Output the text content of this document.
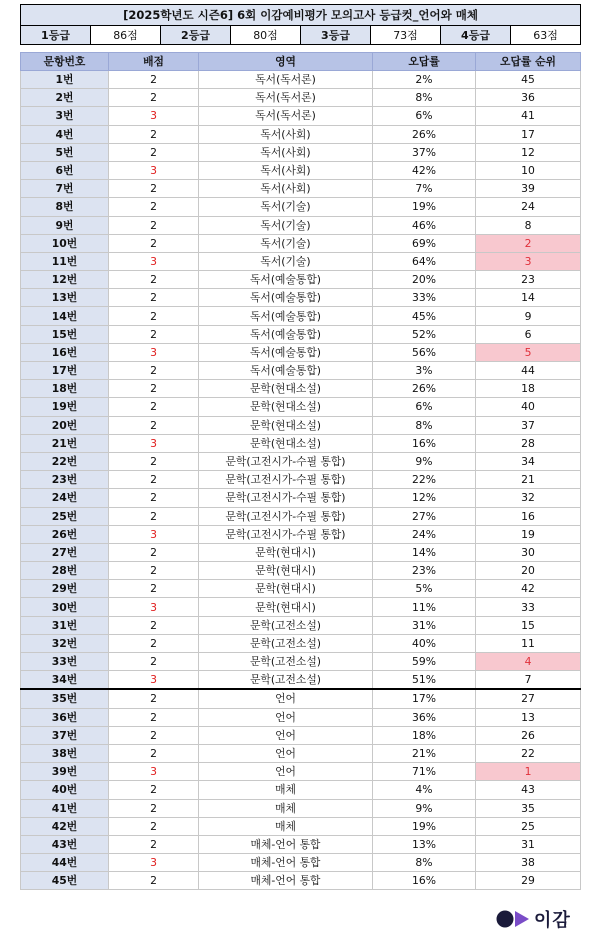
[2025학년도 시즌6] 6회 이감예비평가 모의고사 등급컷_언어와 매체
1등급	86점	2등급	80점	3등급	73점	4등급	63점
문항번호	배점	영역	오답률	오답률 순위
1번	2	독서(독서론)	2%	45
2번	2	독서(독서론)	8%	36
3번	3	독서(독서론)	6%	41
4번	2	독서(사회)	26%	17
5번	2	독서(사회)	37%	12
6번	3	독서(사회)	42%	10
7번	2	독서(사회)	7%	39
8번	2	독서(기술)	19%	24
9번	2	독서(기술)	46%	8
10번	2	독서(기술)	69%	2
11번	3	독서(기술)	64%	3
12번	2	독서(예술통합)	20%	23
13번	2	독서(예술통합)	33%	14
14번	2	독서(예술통합)	45%	9
15번	2	독서(예술통합)	52%	6
16번	3	독서(예술통합)	56%	5
17번	2	독서(예술통합)	3%	44
18번	2	문학(현대소설)	26%	18
19번	2	문학(현대소설)	6%	40
20번	2	문학(현대소설)	8%	37
21번	3	문학(현대소설)	16%	28
22번	2	문학(고전시가-수필 통합)	9%	34
23번	2	문학(고전시가-수필 통합)	22%	21
24번	2	문학(고전시가-수필 통합)	12%	32
25번	2	문학(고전시가-수필 통합)	27%	16
26번	3	문학(고전시가-수필 통합)	24%	19
27번	2	문학(현대시)	14%	30
28번	2	문학(현대시)	23%	20
29번	2	문학(현대시)	5%	42
30번	3	문학(현대시)	11%	33
31번	2	문학(고전소설)	31%	15
32번	2	문학(고전소설)	40%	11
33번	2	문학(고전소설)	59%	4
34번	3	문학(고전소설)	51%	7
35번	2	언어	17%	27
36번	2	언어	36%	13
37번	2	언어	18%	26
38번	2	언어	21%	22
39번	3	언어	71%	1
40번	2	매체	4%	43
41번	2	매체	9%	35
42번	2	매체	19%	25
43번	2	매체-언어 통합	13%	31
44번	3	매체-언어 통합	8%	38
45번	2	매체-언어 통합	16%	29
이감
